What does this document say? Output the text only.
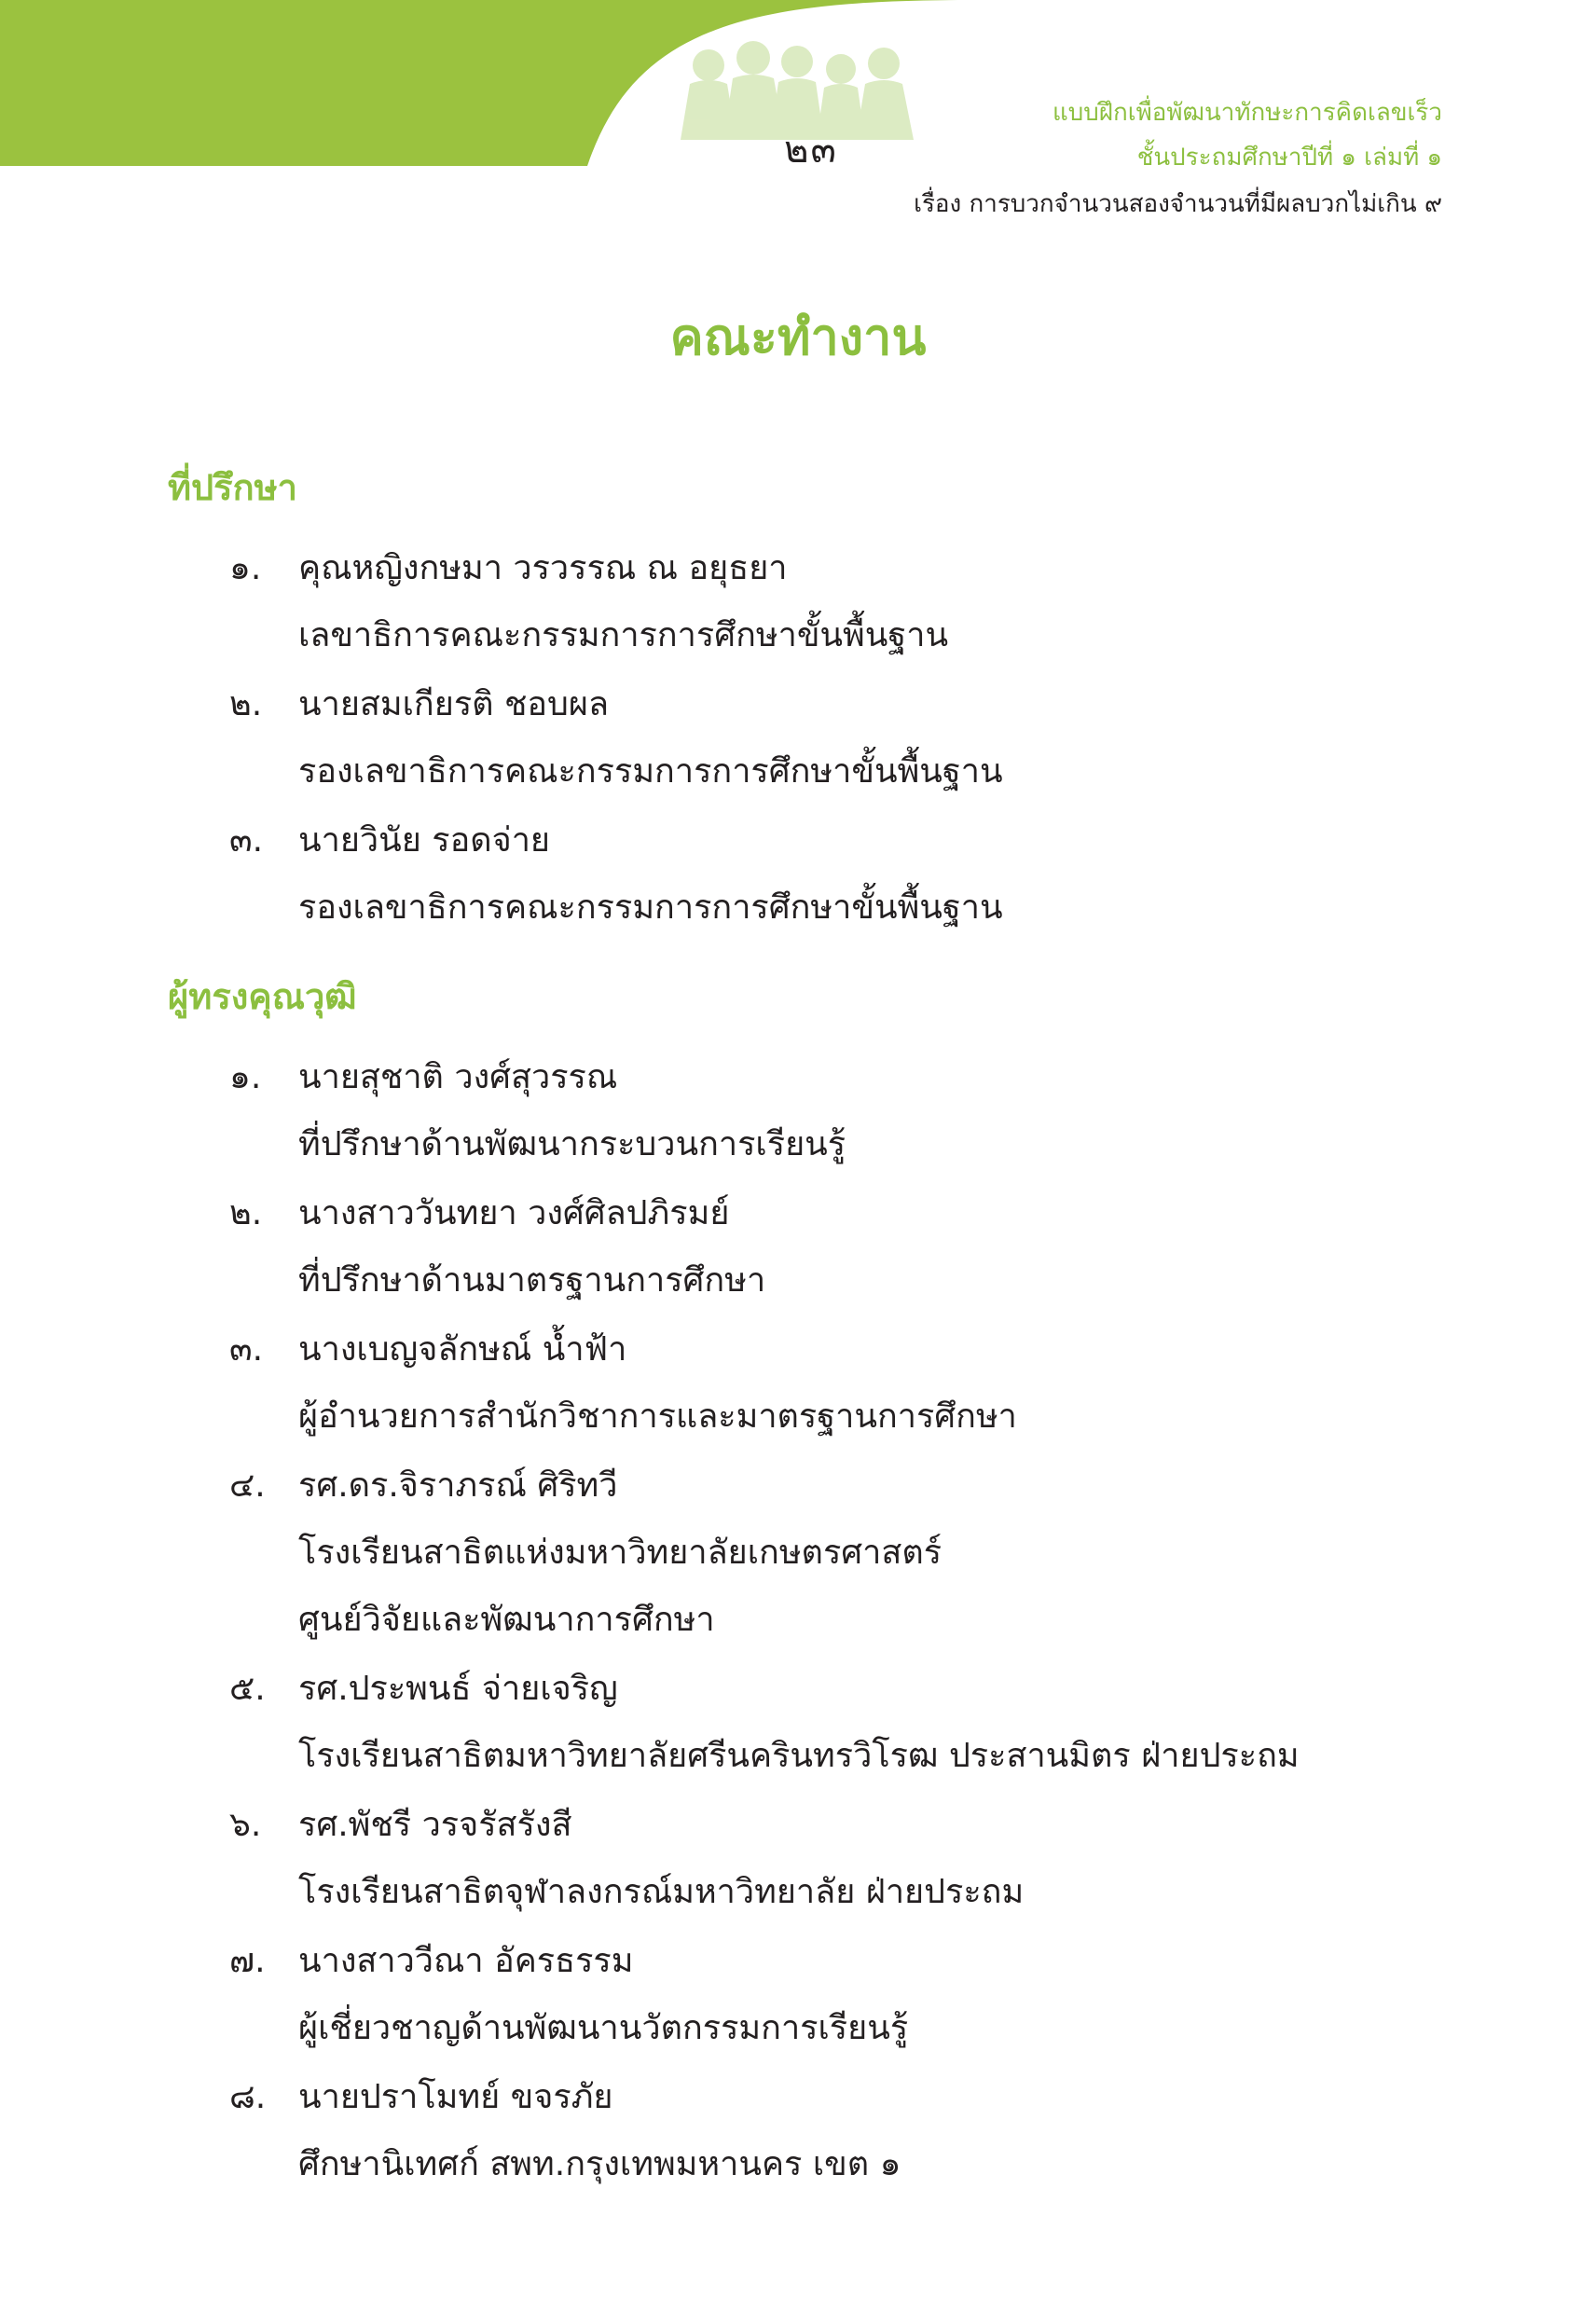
๒๓
แบบฝึกเพื่อพัฒนาทักษะการคิดเลขเร็ว
ชั้นประถมศึกษาปีที่ ๑ เล่มที่ ๑
เรื่อง การบวกจำนวนสองจำนวนที่มีผลบวกไม่เกิน ๙
คณะทำงาน
ที่ปรึกษา
๑. คุณหญิงกษมา วรวรรณ ณ อยุธยา
เลขาธิการคณะกรรมการการศึกษาขั้นพื้นฐาน
๒. นายสมเกียรติ ชอบผล
รองเลขาธิการคณะกรรมการการศึกษาขั้นพื้นฐาน
๓. นายวินัย รอดจ่าย
รองเลขาธิการคณะกรรมการการศึกษาขั้นพื้นฐาน
ผู้ทรงคุณวุฒิ
๑. นายสุชาติ วงศ์สุวรรณ
ที่ปรึกษาด้านพัฒนากระบวนการเรียนรู้
๒. นางสาววันทยา วงศ์ศิลปภิรมย์
ที่ปรึกษาด้านมาตรฐานการศึกษา
๓. นางเบญจลักษณ์ น้ำฟ้า
ผู้อำนวยการสำนักวิชาการและมาตรฐานการศึกษา
๔. รศ.ดร.จิราภรณ์ ศิริทวี
โรงเรียนสาธิตแห่งมหาวิทยาลัยเกษตรศาสตร์
ศูนย์วิจัยและพัฒนาการศึกษา
๕. รศ.ประพนธ์ จ่ายเจริญ
โรงเรียนสาธิตมหาวิทยาลัยศรีนครินทรวิโรฒ ประสานมิตร ฝ่ายประถม
๖. รศ.พัชรี วรจรัสรังสี
โรงเรียนสาธิตจุฬาลงกรณ์มหาวิทยาลัย ฝ่ายประถม
๗. นางสาววีณา อัครธรรม
ผู้เชี่ยวชาญด้านพัฒนานวัตกรรมการเรียนรู้
๘. นายปราโมทย์ ขจรภัย
ศึกษานิเทศก์ สพท.กรุงเทพมหานคร เขต ๑
